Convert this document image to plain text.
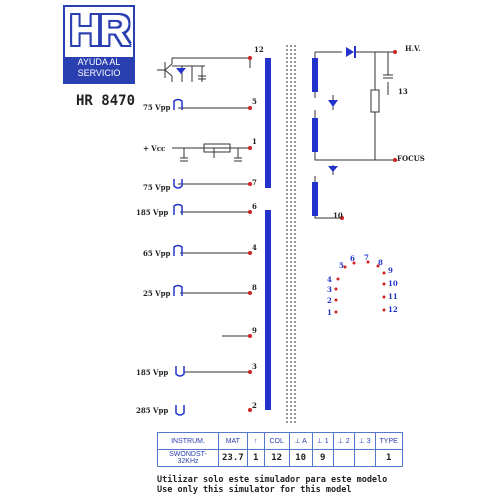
HR
AYUDA AL
SERVICIO
HR 8470 75 Vpp
+ Vcc
75 Vpp
185 Vpp
65 Vpp
25 Vpp
185 Vpp
285 Vpp
12
5
1
7
6
4
8
9
3
2
10
13
H.V.
FOCUS
4
3
2
1
5
6 7
8
9
10
11
12
INSTRUM.	MAT	↑	COL	⊥ A	⊥ 1	⊥ 2	⊥ 3	TYPE
SWONDST-32KHz	23.7	1	12	10	9			1
Utilizar solo este simulador para este modelo
Use only this simulator for this model
